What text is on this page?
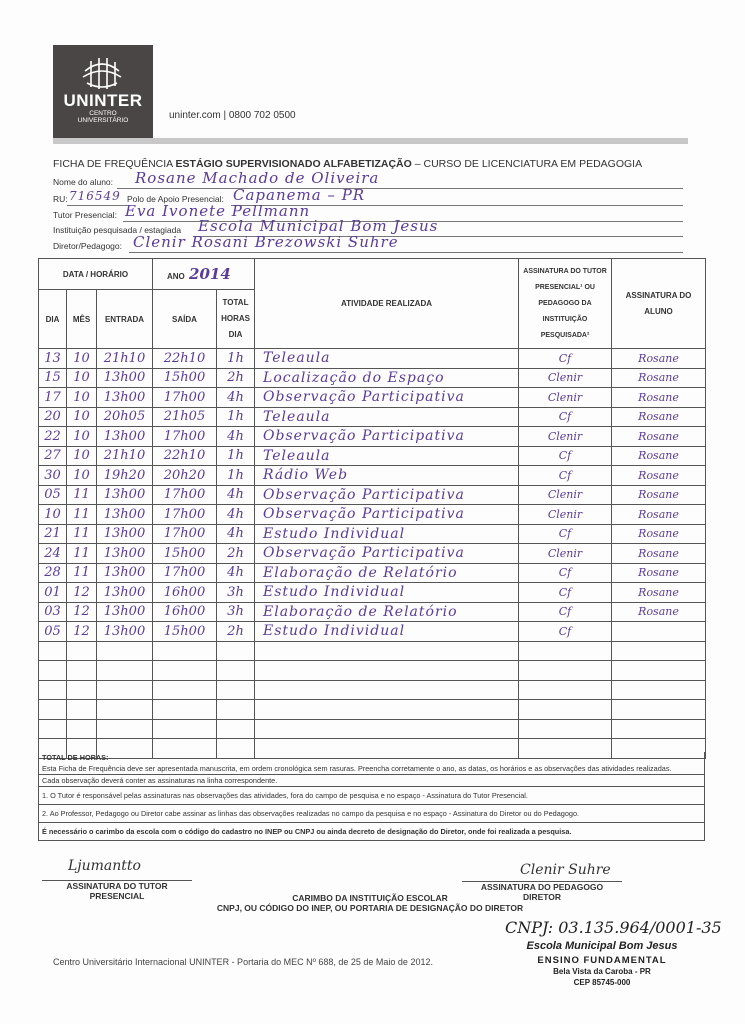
UNINTER
CENTRO
UNIVERSITÁRIO	uninter.com | 0800 702 0500
FICHA DE FREQUÊNCIA ESTÁGIO SUPERVISIONADO ALFABETIZAÇÃO – CURSO DE LICENCIATURA EM PEDAGOGIA
Nome do aluno: Rosane Machado de Oliveira
RU: 716549 Polo de Apoio Presencial: Capanema – PR
Tutor Presencial: Eva Ivonete Pellmann
Instituição pesquisada / estagiada Escola Municipal Bom Jesus
Diretor/Pedagogo: Clenir Rosani Brezowski Suhre
DATA / HORÁRIO			ANO 2014		ATIVIDADE REALIZADA	ASSINATURA DO TUTOR PRESENCIAL¹ OU PEDAGOGO DA INSTITUIÇÃO PESQUISADA²	ASSINATURA DO ALUNO
DIA	MÊS	ENTRADA	SAÍDA	TOTAL HORAS DIA			
13	10	21h10	22h10	1h	Teleaula	Cf	Rosane
15	10	13h00	15h00	2h	Localização do Espaço	Clenir	Rosane
17	10	13h00	17h00	4h	Observação Participativa	Clenir	Rosane
20	10	20h05	21h05	1h	Teleaula	Cf	Rosane
22	10	13h00	17h00	4h	Observação Participativa	Clenir	Rosane
27	10	21h10	22h10	1h	Teleaula	Cf	Rosane
30	10	19h20	20h20	1h	Rádio Web	Cf	Rosane
05	11	13h00	17h00	4h	Observação Participativa	Clenir	Rosane
10	11	13h00	17h00	4h	Observação Participativa	Clenir	Rosane
21	11	13h00	17h00	4h	Estudo Individual	Cf	Rosane
24	11	13h00	15h00	2h	Observação Participativa	Clenir	Rosane
28	11	13h00	17h00	4h	Elaboração de Relatório	Cf	Rosane
01	12	13h00	16h00	3h	Estudo Individual	Cf	Rosane
03	12	13h00	16h00	3h	Elaboração de Relatório	Cf	Rosane
05	12	13h00	15h00	2h	Estudo Individual	Cf	

TOTAL DE HORAS:
Esta Ficha de Frequência deve ser apresentada manuscrita, em ordem cronológica sem rasuras. Preencha corretamente o ano, as datas, os horários e as observações das atividades realizadas.
Cada observação deverá conter as assinaturas na linha correspondente.
1. O Tutor é responsável pelas assinaturas nas observações das atividades, fora do campo de pesquisa e no espaço - Assinatura do Tutor Presencial.
2. Ao Professor, Pedagogo ou Diretor cabe assinar as linhas das observações realizadas no campo da pesquisa e no espaço - Assinatura do Diretor ou do Pedagogo.
É necessário o carimbo da escola com o código do cadastro no INEP ou CNPJ ou ainda decreto de designação do Diretor, onde foi realizada a pesquisa.
Ljumantto
ASSINATURA DO TUTOR
PRESENCIAL	CARIMBO DA INSTITUIÇÃO ESCOLAR
CNPJ, OU CÓDIGO DO INEP, OU PORTARIA DE DESIGNAÇÃO DO DIRETOR
Clenir Suhre
ASSINATURA DO PEDAGOGO
DIRETOR
CNPJ: 03.135.964/0001-35
Escola Municipal Bom Jesus
ENSINO FUNDAMENTAL
Bela Vista da Caroba - PR
CEP 85745-000
Centro Universitário Internacional UNINTER - Portaria do MEC Nº 688, de 25 de Maio de 2012.
